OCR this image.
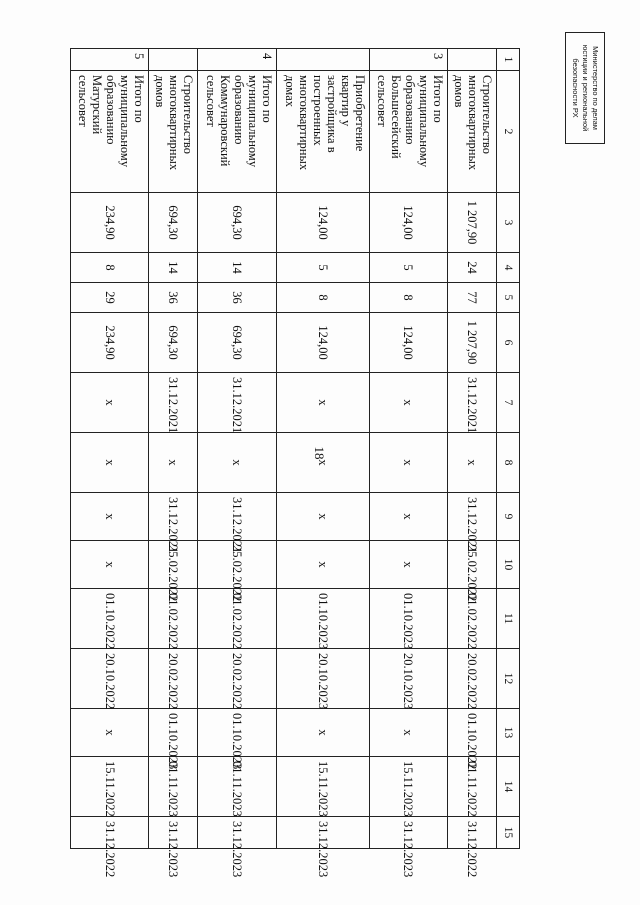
18
Министерство по делам юстиции и региональной безопасности РХ
1	2	3	4	5	6	7	8	9	10	11	12	13	14	15
	Строительство многоквартирных домов	1 207,90	24	77	1 207,90	31.12.2021	x	31.12.2021	25.02.2022	01.02.2022	20.02.2022	01.10.2022	01.11.2022	31.12.2022
3	Итого по муниципальному образованию Большесейский сельсовет	124,00	5	8	124,00	x	x	x	x	01.10.2023	20.10.2023	x	15.11.2023	31.12.2023
	Приобретение квартир у застройщика в построенных многоквартирных домах	124,00	5	8	124,00	x	x	x	x	01.10.2023	20.10.2023	x	15.11.2023	31.12.2023
4	Итого по муниципальному образованию Коммунаровский сельсовет	694,30	14	36	694,30	31.12.2021	x	31.12.2021	25.02.2022	01.02.2022	20.02.2022	01.10.2023	01.11.2023	31.12.2023
	Строительство многоквартирных домов	694,30	14	36	694,30	31.12.2021	x	31.12.2021	25.02.2022	01.02.2022	20.02.2022	01.10.2023	01.11.2023	31.12.2023
5	Итого по муниципальному образованию Матурский сельсовет	234,90	8	29	234,90	x	x	x	x	01.10.2022	20.10.2022	x	15.11.2022	31.12.2022
